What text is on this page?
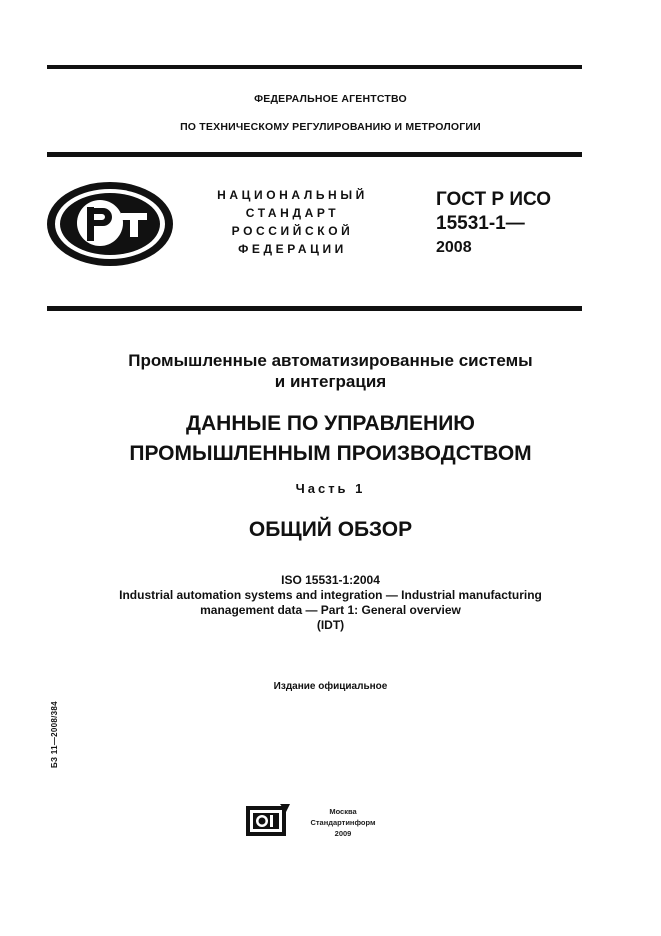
ФЕДЕРАЛЬНОЕ АГЕНТСТВО
ПО ТЕХНИЧЕСКОМУ РЕГУЛИРОВАНИЮ И МЕТРОЛОГИИ
НАЦИОНАЛЬНЫЙ
СТАНДАРТ
РОССИЙСКОЙ
ФЕДЕРАЦИИ
ГОСТ Р ИСО
15531-1—
2008
Промышленные автоматизированные системы
и интеграция
ДАННЫЕ ПО УПРАВЛЕНИЮ
ПРОМЫШЛЕННЫМ ПРОИЗВОДСТВОМ
Часть 1
ОБЩИЙ ОБЗОР
ISO 15531-1:2004
Industrial automation systems and integration — Industrial manufacturing
management data — Part 1: General overview
(IDT)
Издание официальное
БЗ 11—2008/384
Москва
Стандартинформ
2009
